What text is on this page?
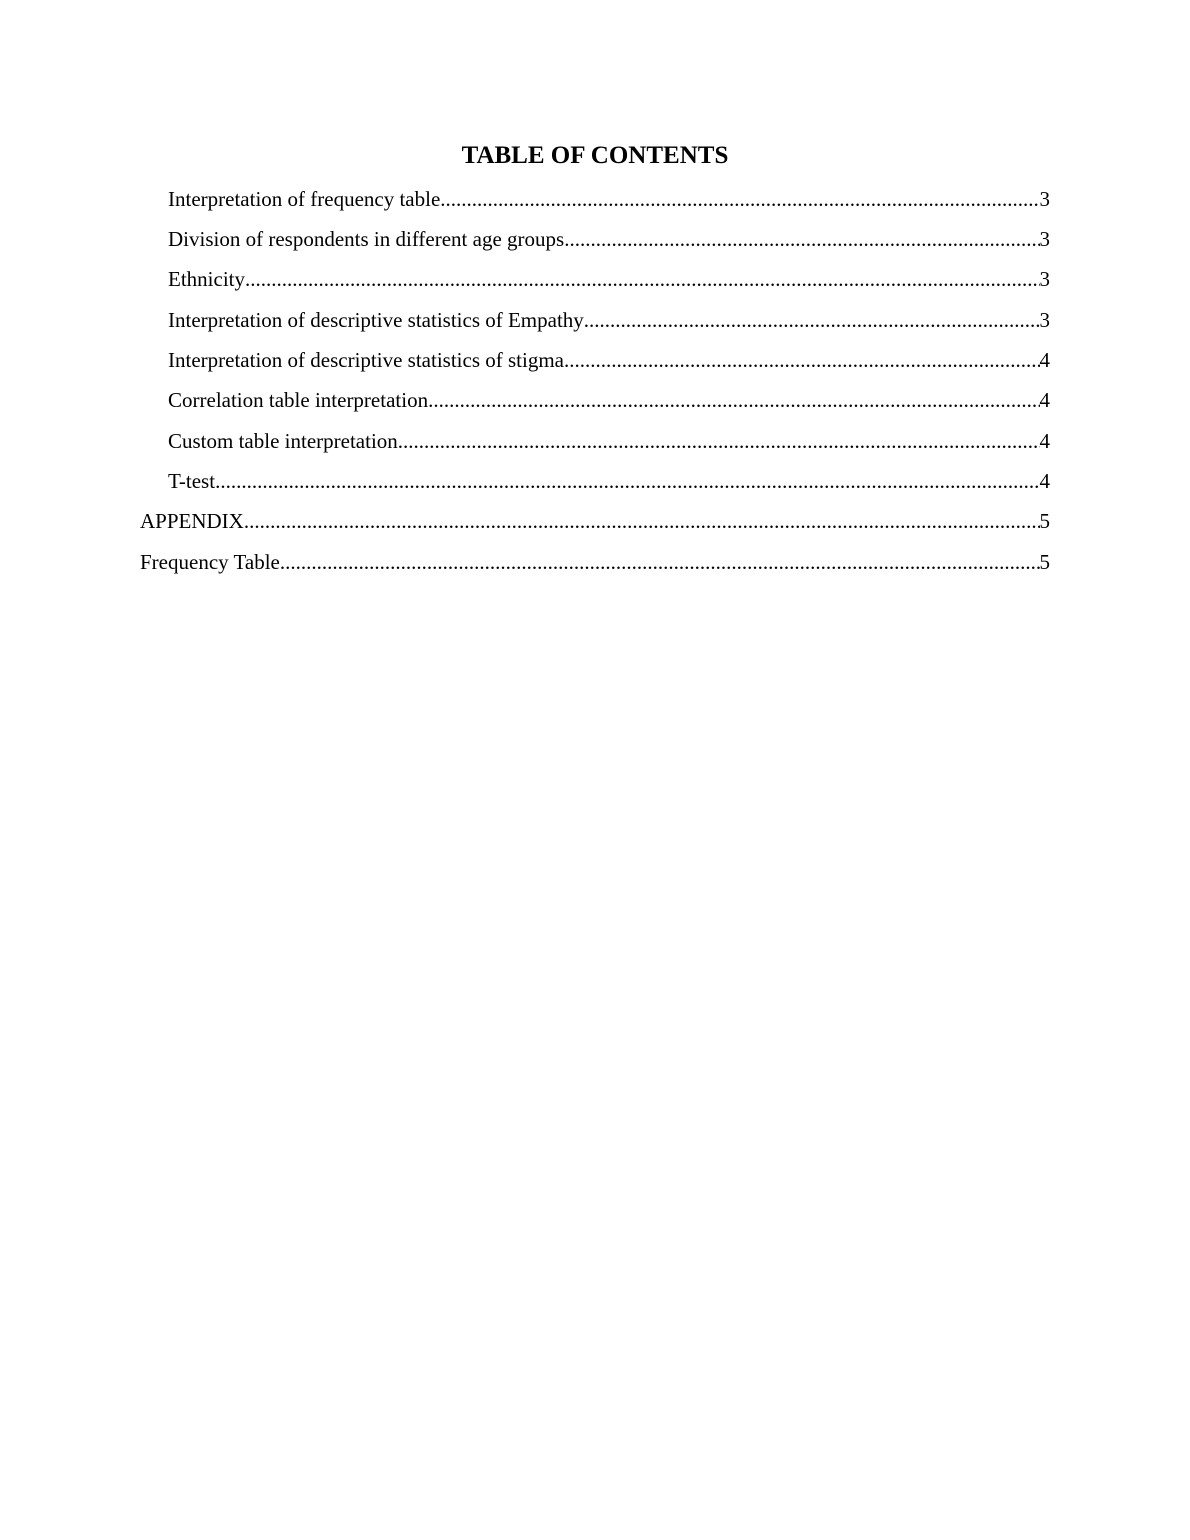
TABLE OF CONTENTS
Interpretation of frequency table .....	3
Division of respondents in different age groups .....	3
Ethnicity .....	3
Interpretation of descriptive statistics of Empathy .....	3
Interpretation of descriptive statistics of stigma .....	4
Correlation table interpretation .....	4
Custom table interpretation .....	4
T-test .....	4
APPENDIX .....	5
Frequency Table .....	5
